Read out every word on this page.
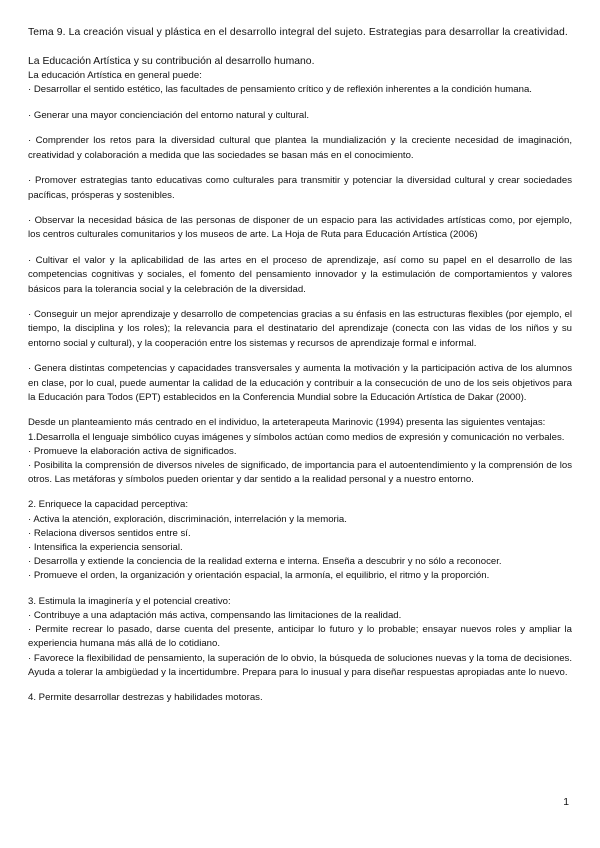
Tema 9. La creación visual y plástica en el desarrollo integral del sujeto. Estrategias para desarrollar la creatividad.

La Educación Artística y su contribución al desarrollo humano.

La educación Artística en general puede:

· Desarrollar el sentido estético, las facultades de pensamiento crítico y de reflexión inherentes a la condición humana.

· Generar una mayor concienciación del entorno natural y cultural.

· Comprender los retos para la diversidad cultural que plantea la mundialización y la creciente necesidad de imaginación, creatividad y colaboración a medida que las sociedades se basan más en el conocimiento.

· Promover estrategias tanto educativas como culturales para transmitir y potenciar la diversidad cultural y crear sociedades pacíficas, prósperas y sostenibles.

· Observar la necesidad básica de las personas de disponer de un espacio para las actividades artísticas como, por ejemplo, los centros culturales comunitarios y los museos de arte. La Hoja de Ruta para Educación Artística (2006)

· Cultivar el valor y la aplicabilidad de las artes en el proceso de aprendizaje, así como su papel en el desarrollo de las competencias cognitivas y sociales, el fomento del pensamiento innovador y la estimulación de comportamientos y valores básicos para la tolerancia social y la celebración de la diversidad.

· Conseguir un mejor aprendizaje y desarrollo de competencias gracias a su énfasis en las estructuras flexibles (por ejemplo, el tiempo, la disciplina y los roles); la relevancia para el destinatario del aprendizaje (conecta con las vidas de los niños y su entorno social y cultural), y la cooperación entre los sistemas y recursos de aprendizaje formal e informal.

· Genera distintas competencias y capacidades transversales y aumenta la motivación y la participación activa de los alumnos en clase, por lo cual, puede aumentar la calidad de la educación y contribuir a la consecución de uno de los seis objetivos para la Educación para Todos (EPT) establecidos en la Conferencia Mundial sobre la Educación Artística de Dakar (2000).

Desde un planteamiento más centrado en el individuo, la arteterapeuta Marinovic (1994) presenta las siguientes ventajas:

1.Desarrolla el lenguaje simbólico cuyas imágenes y símbolos actúan como medios de expresión y comunicación no verbales.

· Promueve la elaboración activa de significados.

· Posibilita la comprensión de diversos niveles de significado, de importancia para el autoentendimiento y la comprensión de los otros. Las metáforas y símbolos pueden orientar y dar sentido a la realidad personal y a nuestro entorno.

2. Enriquece la capacidad perceptiva:

· Activa la atención, exploración, discriminación, interrelación y la memoria.

· Relaciona diversos sentidos entre sí.

· Intensifica la experiencia sensorial.

· Desarrolla y extiende la conciencia de la realidad externa e interna. Enseña a descubrir y no sólo a reconocer.

· Promueve el orden, la organización y orientación espacial, la armonía, el equilibrio, el ritmo y la proporción.

3. Estimula la imaginería y el potencial creativo:

· Contribuye a una adaptación más activa, compensando las limitaciones de la realidad.

· Permite recrear lo pasado, darse cuenta del presente, anticipar lo futuro y lo probable; ensayar nuevos roles y ampliar la experiencia humana más allá de lo cotidiano.

· Favorece la flexibilidad de pensamiento, la superación de lo obvio, la búsqueda de soluciones nuevas y la toma de decisiones. Ayuda a tolerar la ambigüedad y la incertidumbre. Prepara para lo inusual y para diseñar respuestas apropiadas ante lo nuevo.

4. Permite desarrollar destrezas y habilidades motoras.

1
